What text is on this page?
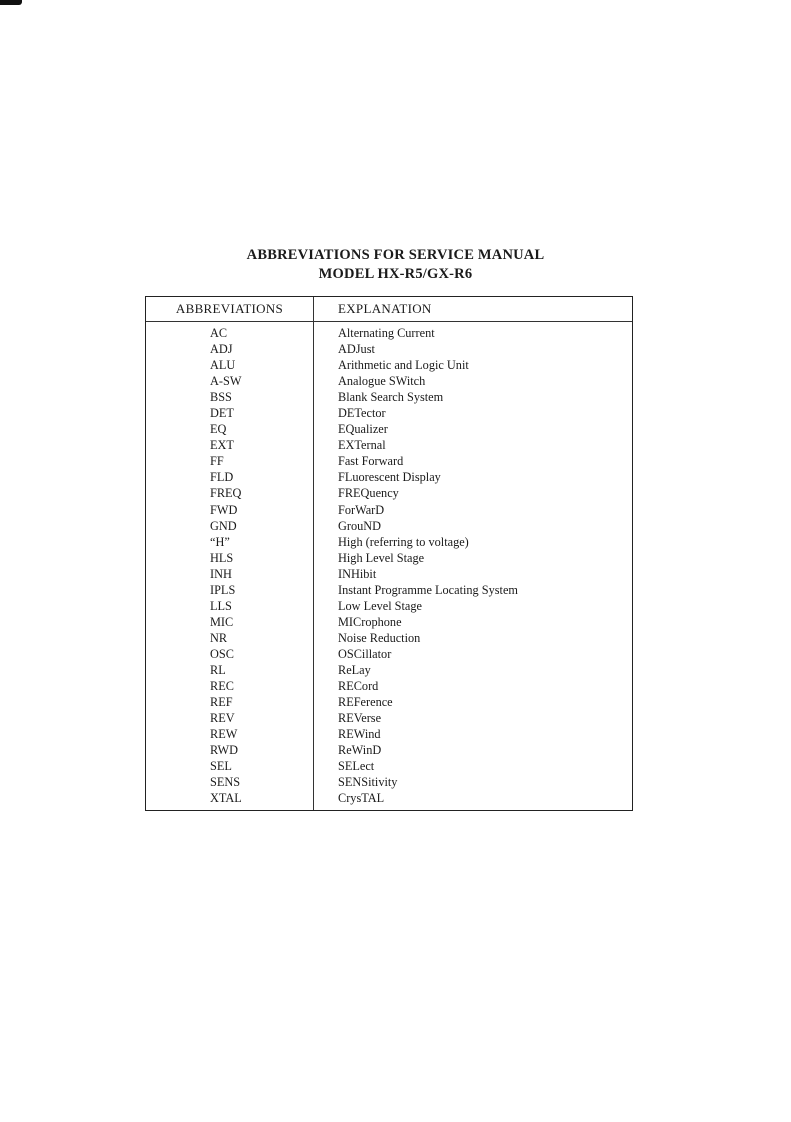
ABBREVIATIONS FOR SERVICE MANUAL
MODEL HX-R5/GX-R6
ABBREVIATIONS	EXPLANATION
AC	Alternating Current
ADJ	ADJust
ALU	Arithmetic and Logic Unit
A-SW	Analogue SWitch
BSS	Blank Search System
DET	DETector
EQ	EQualizer
EXT	EXTernal
FF	Fast Forward
FLD	FLuorescent Display
FREQ	FREQuency
FWD	ForWarD
GND	GrouND
“H”	High (referring to voltage)
HLS	High Level Stage
INH	INHibit
IPLS	Instant Programme Locating System
LLS	Low Level Stage
MIC	MICrophone
NR	Noise Reduction
OSC	OSCillator
RL	ReLay
REC	RECord
REF	REFerence
REV	REVerse
REW	REWind
RWD	ReWinD
SEL	SELect
SENS	SENSitivity
XTAL	CrysTAL
